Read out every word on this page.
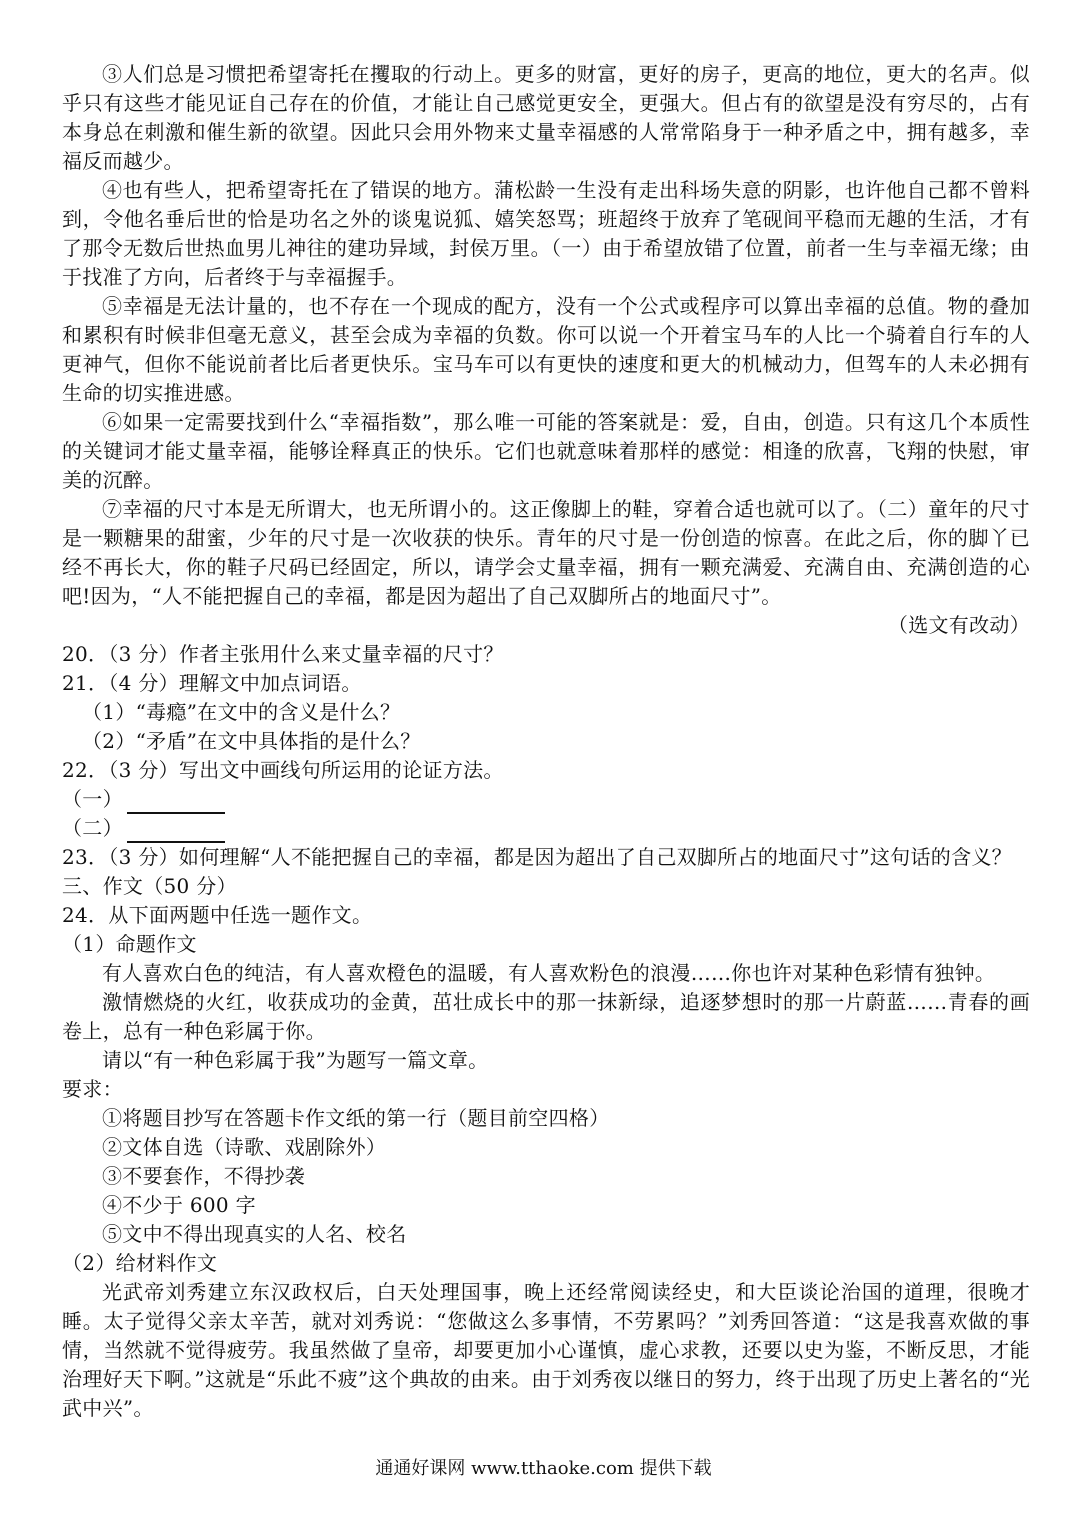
③人们总是习惯把希望寄托在攫取的行动上。更多的财富，更好的房子，更高的地位，更大的名声。似乎只有这些才能见证自己存在的价值，才能让自己感觉更安全，更强大。但占有的欲望是没有穷尽的，占有本身总在刺激和催生新的欲望。因此只会用外物来丈量幸福感的人常常陷身于一种矛盾之中，拥有越多，幸福反而越少。

④也有些人，把希望寄托在了错误的地方。蒲松龄一生没有走出科场失意的阴影，也许他自己都不曾料到，令他名垂后世的恰是功名之外的谈鬼说狐、嬉笑怒骂；班超终于放弃了笔砚间平稳而无趣的生活，才有了那令无数后世热血男儿神往的建功异域，封侯万里。（一）由于希望放错了位置，前者一生与幸福无缘；由于找准了方向，后者终于与幸福握手。

⑤幸福是无法计量的，也不存在一个现成的配方，没有一个公式或程序可以算出幸福的总值。物的叠加和累积有时候非但毫无意义，甚至会成为幸福的负数。你可以说一个开着宝马车的人比一个骑着自行车的人更神气，但你不能说前者比后者更快乐。宝马车可以有更快的速度和更大的机械动力，但驾车的人未必拥有生命的切实推进感。

⑥如果一定需要找到什么“幸福指数”，那么唯一可能的答案就是：爱，自由，创造。只有这几个本质性的关键词才能丈量幸福，能够诠释真正的快乐。它们也就意味着那样的感觉：相逢的欣喜，飞翔的快慰，审美的沉醉。

⑦幸福的尺寸本是无所谓大，也无所谓小的。这正像脚上的鞋，穿着合适也就可以了。（二）童年的尺寸是一颗糖果的甜蜜，少年的尺寸是一次收获的快乐。青年的尺寸是一份创造的惊喜。在此之后，你的脚丫已经不再长大，你的鞋子尺码已经固定，所以，请学会丈量幸福，拥有一颗充满爱、充满自由、充满创造的心吧!因为，“人不能把握自己的幸福，都是因为超出了自己双脚所占的地面尺寸”。

（选文有改动）

20．（3 分）作者主张用什么来丈量幸福的尺寸？

21．（4 分）理解文中加点词语。

（1）“毒瘾”在文中的含义是什么？

（2）“矛盾”在文中具体指的是什么？

22．（3 分）写出文中画线句所运用的论证方法。

（一）

（二）

23．（3 分）如何理解“人不能把握自己的幸福，都是因为超出了自己双脚所占的地面尺寸”这句话的含义？

三、作文（50 分）

24．从下面两题中任选一题作文。

（1）命题作文

有人喜欢白色的纯洁，有人喜欢橙色的温暖，有人喜欢粉色的浪漫……你也许对某种色彩情有独钟。

激情燃烧的火红，收获成功的金黄，茁壮成长中的那一抹新绿，追逐梦想时的那一片蔚蓝……青春的画卷上，总有一种色彩属于你。

请以“有一种色彩属于我”为题写一篇文章。

要求：

①将题目抄写在答题卡作文纸的第一行（题目前空四格）

②文体自选（诗歌、戏剧除外）

③不要套作，不得抄袭

④不少于 600 字

⑤文中不得出现真实的人名、校名

（2）给材料作文

光武帝刘秀建立东汉政权后，白天处理国事，晚上还经常阅读经史，和大臣谈论治国的道理，很晚才睡。太子觉得父亲太辛苦，就对刘秀说：“您做这么多事情，不劳累吗？”刘秀回答道：“这是我喜欢做的事情，当然就不觉得疲劳。我虽然做了皇帝，却要更加小心谨慎，虚心求教，还要以史为鉴，不断反思，才能治理好天下啊。”这就是“乐此不疲”这个典故的由来。由于刘秀夜以继日的努力，终于出现了历史上著名的“光武中兴”。

通通好课网 www.tthaoke.com 提供下载
